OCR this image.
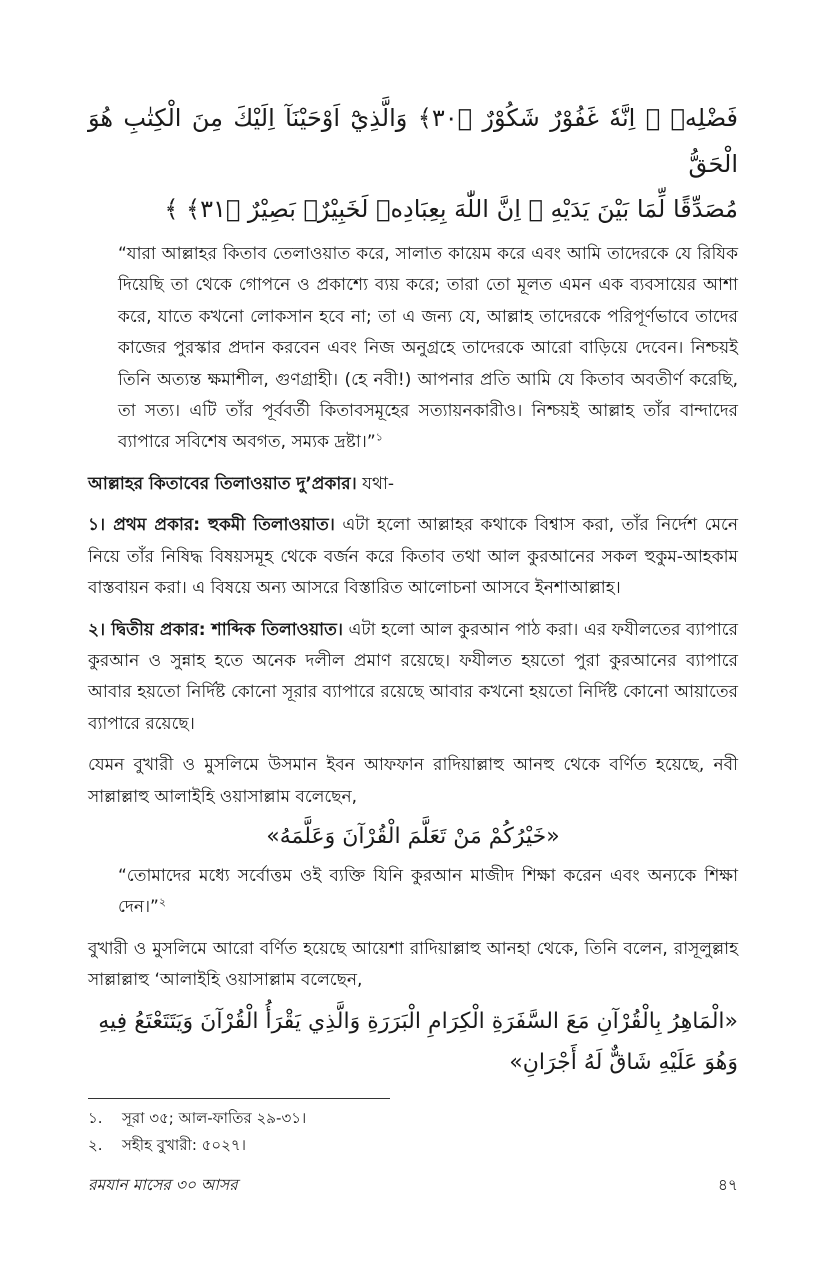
فَضْلِهٖ ۭ اِنَّهٗ غَفُوْرٌ شَكُوْرٌ ﴿٣٠﴾ وَالَّذِيْٓ اَوْحَيْنَآ اِلَيْكَ مِنَ الْكِتٰبِ هُوَ الْحَقُّ
مُصَدِّقًا لِّمَا بَيْنَ يَدَيْهِ ۭ اِنَّ اللّٰهَ بِعِبَادِهٖ لَخَبِيْرٌۢ بَصِيْرٌ ﴿٣١﴾ ﴾
“যারা আল্লাহর কিতাব তেলাওয়াত করে, সালাত কায়েম করে এবং আমি তাদেরকে যে রিযিক দিয়েছি তা থেকে গোপনে ও প্রকাশ্যে ব্যয় করে; তারা তো মূলত এমন এক ব্যবসায়ের আশা করে, যাতে কখনো লোকসান হবে না; তা এ জন্য যে, আল্লাহ তাদেরকে পরিপূর্ণভাবে তাদের কাজের পুরস্কার প্রদান করবেন এবং নিজ অনুগ্রহে তাদেরকে আরো বাড়িয়ে দেবেন। নিশ্চয়ই তিনি অত্যন্ত ক্ষমাশীল, গুণগ্রাহী। (হে নবী!) আপনার প্রতি আমি যে কিতাব অবতীর্ণ করেছি, তা সত্য। এটি তাঁর পূর্ববর্তী কিতাবসমূহের সত্যায়নকারীও। নিশ্চয়ই আল্লাহ তাঁর বান্দাদের ব্যাপারে সবিশেষ অবগত, সম্যক দ্রষ্টা।”$^১$
আল্লাহর কিতাবের তিলাওয়াত দু’প্রকার। যথা-
১। প্রথম প্রকার: হুকমী তিলাওয়াত। এটা হলো আল্লাহর কথাকে বিশ্বাস করা, তাঁর নির্দেশ মেনে নিয়ে তাঁর নিষিদ্ধ বিষয়সমূহ থেকে বর্জন করে কিতাব তথা আল কুরআনের সকল হুকুম-আহকাম বাস্তবায়ন করা। এ বিষয়ে অন্য আসরে বিস্তারিত আলোচনা আসবে ইনশাআল্লাহ।
২। দ্বিতীয় প্রকার: শাব্দিক তিলাওয়াত। এটা হলো আল কুরআন পাঠ করা। এর ফযীলতের ব্যাপারে কুরআন ও সুন্নাহ হতে অনেক দলীল প্রমাণ রয়েছে। ফযীলত হয়তো পুরা কুরআনের ব্যাপারে আবার হয়তো নির্দিষ্ট কোনো সূরার ব্যাপারে রয়েছে আবার কখনো হয়তো নির্দিষ্ট কোনো আয়াতের ব্যাপারে রয়েছে।
যেমন বুখারী ও মুসলিমে উসমান ইবন আফফান রাদিয়াল্লাহু আনহু থেকে বর্ণিত হয়েছে, নবী সাল্লাল্লাহু আলাইহি ওয়াসাল্লাম বলেছেন,
«خَيْرُكُمْ مَنْ تَعَلَّمَ الْقُرْآنَ وَعَلَّمَهُ»
“তোমাদের মধ্যে সর্বোত্তম ওই ব্যক্তি যিনি কুরআন মাজীদ শিক্ষা করেন এবং অন্যকে শিক্ষা দেন।”$^২$
বুখারী ও মুসলিমে আরো বর্ণিত হয়েছে আয়েশা রাদিয়াল্লাহু আনহা থেকে, তিনি বলেন, রাসূলুল্লাহ সাল্লাল্লাহু ‘আলাইহি ওয়াসাল্লাম বলেছেন,
«الْمَاهِرُ بِالْقُرْآنِ مَعَ السَّفَرَةِ الْكِرَامِ الْبَرَرَةِ وَالَّذِي يَقْرَأُ الْقُرْآنَ وَيَتَتَعْتَعُ فِيهِ
وَهُوَ عَلَيْهِ شَاقٌّ لَهُ أَجْرَانِ»
১.	সূরা ৩৫; আল-ফাতির ২৯-৩১।
২.	সহীহ বুখারী: ৫০২৭।
রমযান মাসের ৩০ আসর	৪৭
